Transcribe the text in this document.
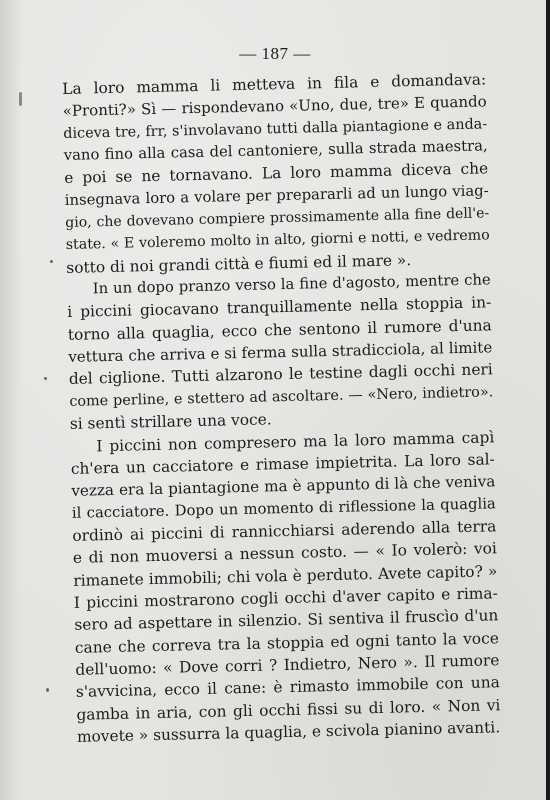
— 187 —
La loro mamma li metteva in fila e domandava:
«Pronti?» Sì — rispondevano «Uno, due, tre» E quando
diceva tre, frr, s'involavano tutti dalla piantagione e anda-
vano fino alla casa del cantoniere, sulla strada maestra,
e poi se ne tornavano. La loro mamma diceva che
insegnava loro a volare per prepararli ad un lungo viag-
gio, che dovevano compiere prossimamente alla fine dell'e-
state. « E voleremo molto in alto, giorni e notti, e vedremo
sotto di noi grandi città e fiumi ed il mare ».
In un dopo pranzo verso la fine d'agosto, mentre che
i piccini giocavano tranquillamente nella stoppia in-
torno alla quaglia, ecco che sentono il rumore d'una
vettura che arriva e si ferma sulla stradicciola, al limite
del ciglione. Tutti alzarono le testine dagli occhi neri
come perline, e stettero ad ascoltare. — «Nero, indietro».
si sentì strillare una voce.
I piccini non compresero ma la loro mamma capì
ch'era un cacciatore e rimase impietrita. La loro sal-
vezza era la piantagione ma è appunto di là che veniva
il cacciatore. Dopo un momento di riflessione la quaglia
ordinò ai piccini di rannicchiarsi aderendo alla terra
e di non muoversi a nessun costo. — « Io volerò: voi
rimanete immobili; chi vola è perduto. Avete capito? »
I piccini mostrarono cogli occhi d'aver capito e rima-
sero ad aspettare in silenzio. Si sentiva il fruscìo d'un
cane che correva tra la stoppia ed ogni tanto la voce
dell'uomo: « Dove corri ? Indietro, Nero ». Il rumore
s'avvicina, ecco il cane: è rimasto immobile con una
gamba in aria, con gli occhi fissi su di loro. « Non vi
movete » sussurra la quaglia, e scivola pianino avanti.
